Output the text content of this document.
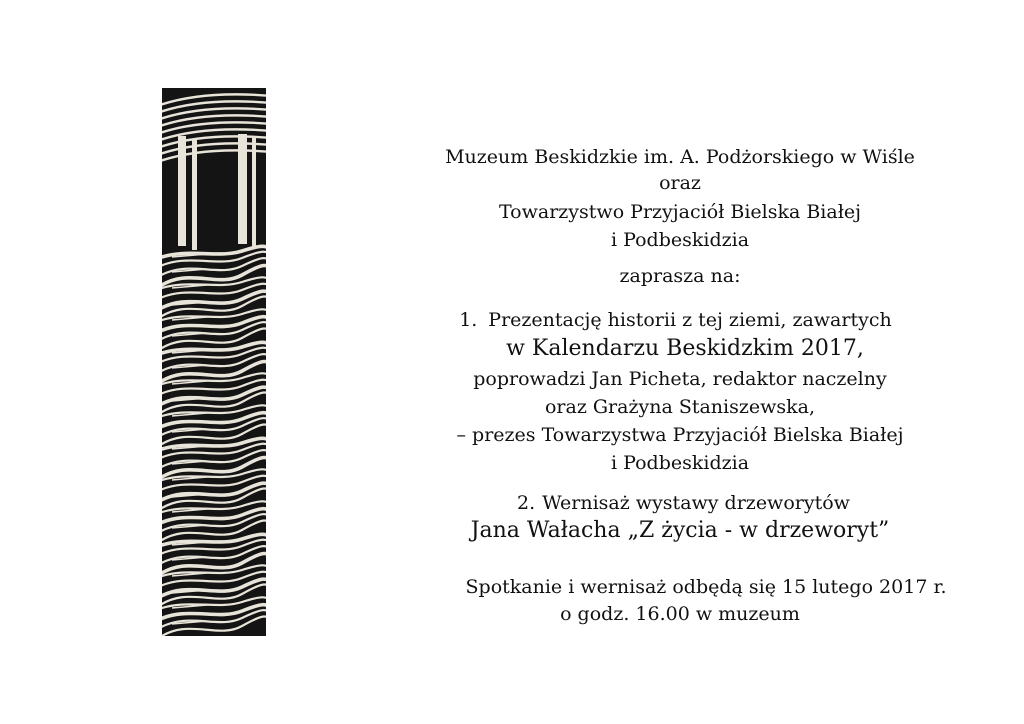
Muzeum Beskidzkie im. A. Podżorskiego w Wiśle
oraz
Towarzystwo Przyjaciół Bielska Białej
i Podbeskidzia
zaprasza na:
1. Prezentację historii z tej ziemi, zawartych
w Kalendarzu Beskidzkim 2017,
poprowadzi Jan Picheta, redaktor naczelny
oraz Grażyna Staniszewska,
– prezes Towarzystwa Przyjaciół Bielska Białej
i Podbeskidzia
2. Wernisaż wystawy drzeworytów
Jana Wałacha „Z życia - w drzeworyt”
Spotkanie i wernisaż odbędą się 15 lutego 2017 r.
o godz. 16.00 w muzeum
